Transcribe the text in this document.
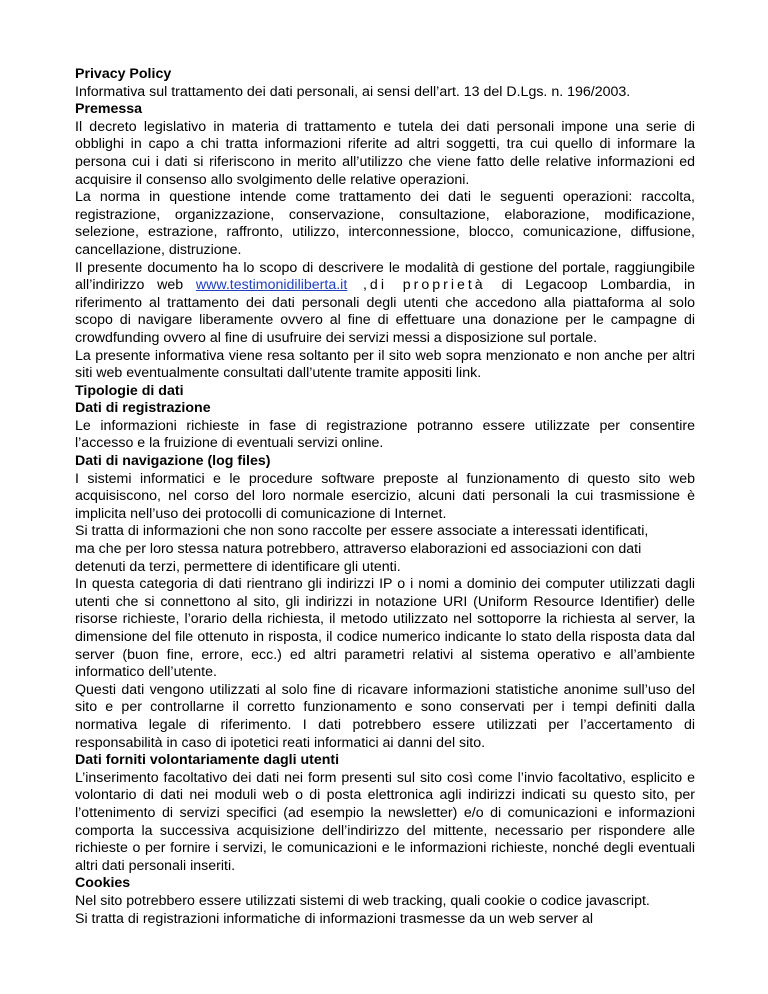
Privacy Policy

Informativa sul trattamento dei dati personali, ai sensi dell’art. 13 del D.Lgs. n. 196/2003.

Premessa

Il decreto legislativo in materia di trattamento e tutela dei dati personali impone una serie di obblighi in capo a chi tratta informazioni riferite ad altri soggetti, tra cui quello di informare la persona cui i dati si riferiscono in merito all’utilizzo che viene fatto delle relative informazioni ed acquisire il consenso allo svolgimento delle relative operazioni.

La norma in questione intende come trattamento dei dati le seguenti operazioni: raccolta, registrazione, organizzazione, conservazione, consultazione, elaborazione, modificazione, selezione, estrazione, raffronto, utilizzo, interconnessione, blocco, comunicazione, diffusione, cancellazione, distruzione.

Il presente documento ha lo scopo di descrivere le modalità di gestione del portale, raggiungibile all’indirizzo web www.testimonidiliberta.it ,di proprietà di Legacoop Lombardia, in riferimento al trattamento dei dati personali degli utenti che accedono alla piattaforma al solo scopo di navigare liberamente ovvero al fine di effettuare una donazione per le campagne di crowdfunding ovvero al fine di usufruire dei servizi messi a disposizione sul portale.

La presente informativa viene resa soltanto per il sito web sopra menzionato e non anche per altri siti web eventualmente consultati dall’utente tramite appositi link.

Tipologie di dati
Dati di registrazione

Le informazioni richieste in fase di registrazione potranno essere utilizzate per consentire l’accesso e la fruizione di eventuali servizi online.

Dati di navigazione (log files)

I sistemi informatici e le procedure software preposte al funzionamento di questo sito web acquisiscono, nel corso del loro normale esercizio, alcuni dati personali la cui trasmissione è implicita nell’uso dei protocolli di comunicazione di Internet.

Si tratta di informazioni che non sono raccolte per essere associate a interessati identificati,

ma che per loro stessa natura potrebbero, attraverso elaborazioni ed associazioni con dati detenuti da terzi, permettere di identificare gli utenti.

In questa categoria di dati rientrano gli indirizzi IP o i nomi a dominio dei computer utilizzati dagli utenti che si connettono al sito, gli indirizzi in notazione URI (Uniform Resource Identifier) delle risorse richieste, l’orario della richiesta, il metodo utilizzato nel sottoporre la richiesta al server, la dimensione del file ottenuto in risposta, il codice numerico indicante lo stato della risposta data dal server (buon fine, errore, ecc.) ed altri parametri relativi al sistema operativo e all’ambiente informatico dell’utente.

Questi dati vengono utilizzati al solo fine di ricavare informazioni statistiche anonime sull’uso del sito e per controllarne il corretto funzionamento e sono conservati per i tempi definiti dalla normativa legale di riferimento. I dati potrebbero essere utilizzati per l’accertamento di responsabilità in caso di ipotetici reati informatici ai danni del sito.

Dati forniti volontariamente dagli utenti

L’inserimento facoltativo dei dati nei form presenti sul sito così come l’invio facoltativo, esplicito e volontario di dati nei moduli web o di posta elettronica agli indirizzi indicati su questo sito, per l’ottenimento di servizi specifici (ad esempio la newsletter) e/o di comunicazioni e informazioni comporta la successiva acquisizione dell’indirizzo del mittente, necessario per rispondere alle richieste o per fornire i servizi, le comunicazioni e le informazioni richieste, nonché degli eventuali altri dati personali inseriti.

Cookies

Nel sito potrebbero essere utilizzati sistemi di web tracking, quali cookie o codice javascript.

Si tratta di registrazioni informatiche di informazioni trasmesse da un web server al
